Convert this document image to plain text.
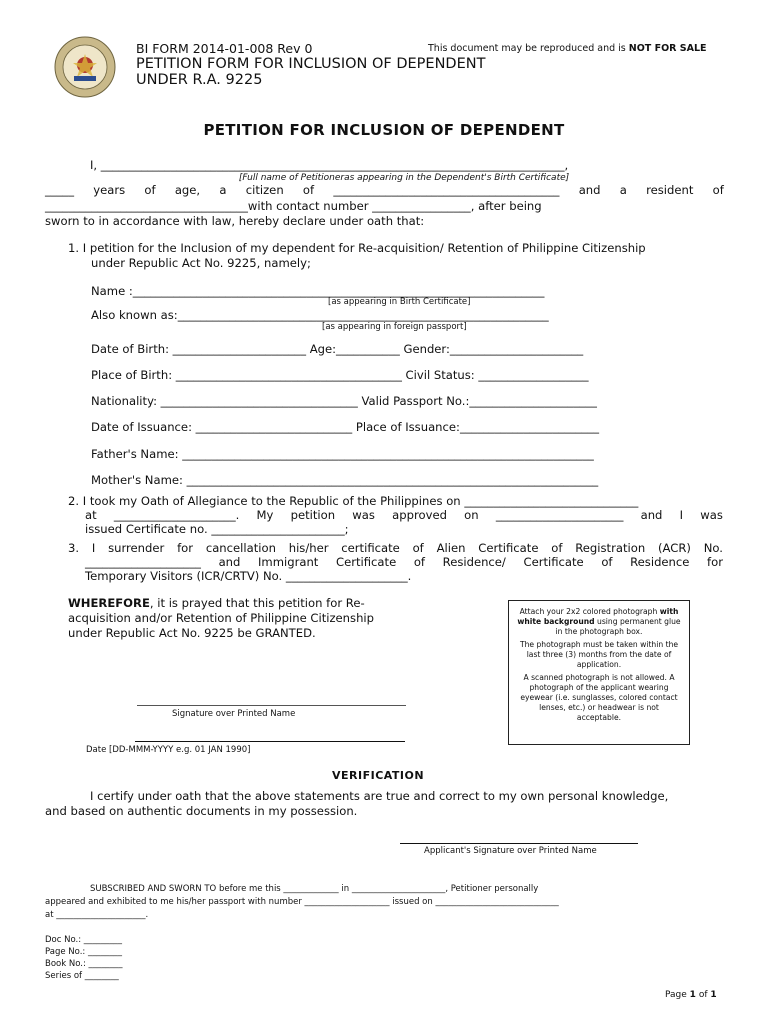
BI FORM 2014-01-008 Rev 0	This document may be reproduced and is NOT FOR SALE
PETITION FORM FOR INCLUSION OF DEPENDENT
UNDER R.A. 9225
PETITION FOR INCLUSION OF DEPENDENT
I, ________________________________________________________________________________,
[Full name of Petitioneras appearing in the Dependent's Birth Certificate]
_____ years of age, a citizen of _______________________________________ and a resident of
___________________________________with contact number _________________, after being
sworn to in accordance with law, hereby declare under oath that:
1. I petition for the Inclusion of my dependent for Re-acquisition/ Retention of Philippine Citizenship
under Republic Act No. 9225, namely;
Name :_______________________________________________________________________
[as appearing in Birth Certificate]
Also known as:________________________________________________________________
[as appearing in foreign passport]
Date of Birth: _______________________ Age:___________ Gender:_______________________
Place of Birth: _______________________________________ Civil Status: ___________________
Nationality: __________________________________ Valid Passport No.:______________________
Date of Issuance: ___________________________ Place of Issuance:________________________
Father's Name: _______________________________________________________________________
Mother's Name: _______________________________________________________________________
2. I took my Oath of Allegiance to the Republic of the Philippines on ______________________________
at _____________________. My petition was approved on ______________________ and I was
issued Certificate no. _______________________;
3. I surrender for cancellation his/her certificate of Alien Certificate of Registration (ACR) No.
____________________ and Immigrant Certificate of Residence/ Certificate of Residence for
Temporary Visitors (ICR/CRTV) No. _____________________.
WHEREFORE, it is prayed that this petition for Re-
acquisition and/or Retention of Philippine Citizenship
under Republic Act No. 9225 be GRANTED.

Attach your 2x2 colored photograph with white background using permanent glue in the photograph box.

The photograph must be taken within the last three (3) months from the date of application.

A scanned photograph is not allowed. A photograph of the applicant wearing eyewear (i.e. sunglasses, colored contact lenses, etc.) or headwear is not acceptable.

Signature over Printed Name
Date [DD-MMM-YYYY e.g. 01 JAN 1990]
VERIFICATION
I certify under oath that the above statements are true and correct to my own personal knowledge,
and based on authentic documents in my possession.
Applicant's Signature over Printed Name
SUBSCRIBED AND SWORN TO before me this _____________ in ______________________, Petitioner personally
appeared and exhibited to me his/her passport with number ____________________ issued on _____________________________
at _____________________.
Doc No.: _________
Page No.: ________
Book No.: ________
Series of ________
Page 1 of 1
